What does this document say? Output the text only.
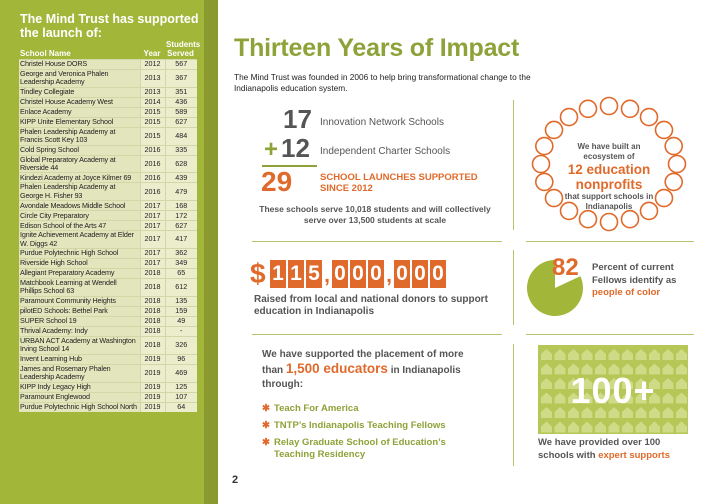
The Mind Trust has supported the launch of:
School Name	Year	Students Served
Christel House DORS	2012	567
George and Veronica Phalen Leadership Academy	2013	367
Tindley Collegiate	2013	351
Christel House Academy West	2014	436
Enlace Academy	2015	589
KIPP Unite Elementary School	2015	627
Phalen Leadership Academy at Francis Scott Key 103	2015	484
Cold Spring School	2016	335
Global Preparatory Academy at Riverside 44	2016	628
Kindezi Academy at Joyce Kilmer 69	2016	439
Phalen Leadership Academy at George H. Fisher 93	2016	479
Avondale Meadows Middle School	2017	168
Circle City Preparatory	2017	172
Edison School of the Arts 47	2017	627
Ignite Achievement Academy at Elder W. Diggs 42	2017	417
Purdue Polytechnic High School	2017	362
Riverside High School	2017	349
Allegiant Preparatory Academy	2018	65
Matchbook Learning at Wendell Phillips School 63	2018	612
Paramount Community Heights	2018	135
pilotED Schools: Bethel Park	2018	159
SUPER School 19	2018	49
Thrival Academy: Indy	2018	-
URBAN ACT Academy at Washington Irving School 14	2018	326
Invent Learning Hub	2019	96
James and Rosemary Phalen Leadership Academy	2019	469
KIPP Indy Legacy High	2019	125
Paramount Englewood	2019	107
Purdue Polytechnic High School North	2019	64
Thirteen Years of Impact
The Mind Trust was founded in 2006 to help bring transformational change to the Indianapolis education system.
17 Innovation Network Schools
+ 12 Independent Charter Schools
29	SCHOOL LAUNCHES SUPPORTED SINCE 2012
These schools serve 10,018 students and will collectively serve over 13,500 students at scale
We have built an ecosystem of
12 education nonprofits
that support schools in Indianapolis
$ 1 1 5 , 0 0 0 , 0 0 0
Raised from local and national donors to support education in Indianapolis
82 Percent of current Fellows identify as people of color
We have supported the placement of more than 1,500 educators in Indianapolis through:
✱ Teach For America
✱ TNTP’s Indianapolis Teaching Fellows
✱ Relay Graduate School of Education’s Teaching Residency
100+
We have provided over 100 schools with expert supports
2
